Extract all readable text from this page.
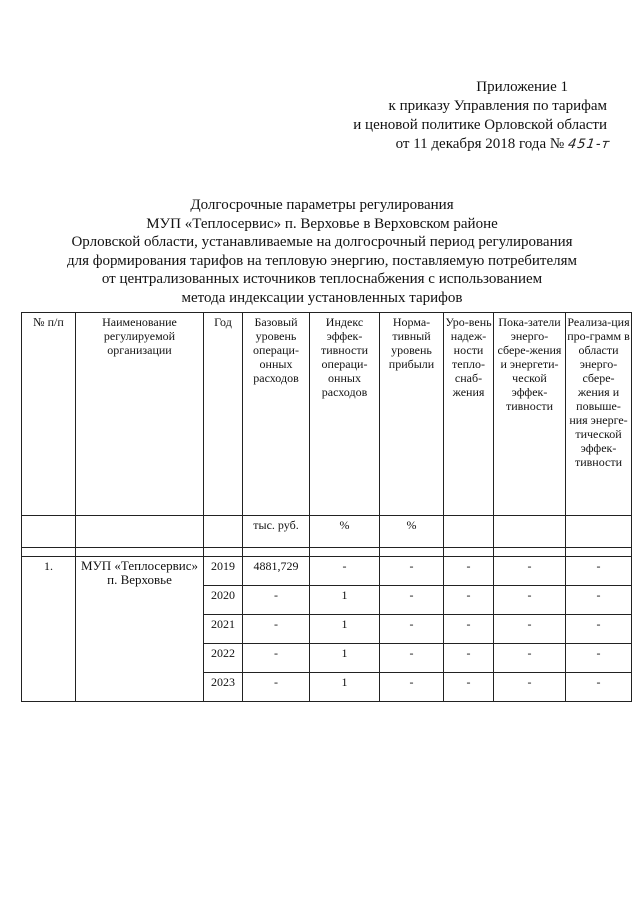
Приложение 1
к приказу Управления по тарифам
и ценовой политике Орловской области
от 11 декабря 2018 года № 451-т
Долгосрочные параметры регулирования
МУП «Теплосервис» п. Верховье в Верховском районе
Орловской области, устанавливаемые на долгосрочный период регулирования
для формирования тарифов на тепловую энергию, поставляемую потребителям
от централизованных источников теплоснабжения с использованием
метода индексации установленных тарифов
№ п/п	Наименование регулируемой организации	Год	Базовый уровень операци-онных расходов	Индекс эффек-тивности операци-онных расходов	Норма-тивный уровень прибыли	Уро-вень надеж-ности тепло-снаб-жения	Пока-затели энерго-сбере-жения и энергети-ческой эффек-тивности	Реализа-ция про-грамм в области энерго-сбере-жения и повыше-ния энерге-тической эффек-тивности
			тыс. руб.	%	%			

1.	МУП «Теплосервис» п. Верховье	2019	4881,729	-	-	-	-	-
		2020	-	1	-	-	-	-
		2021	-	1	-	-	-	-
		2022	-	1	-	-	-	-
		2023	-	1	-	-	-	-
